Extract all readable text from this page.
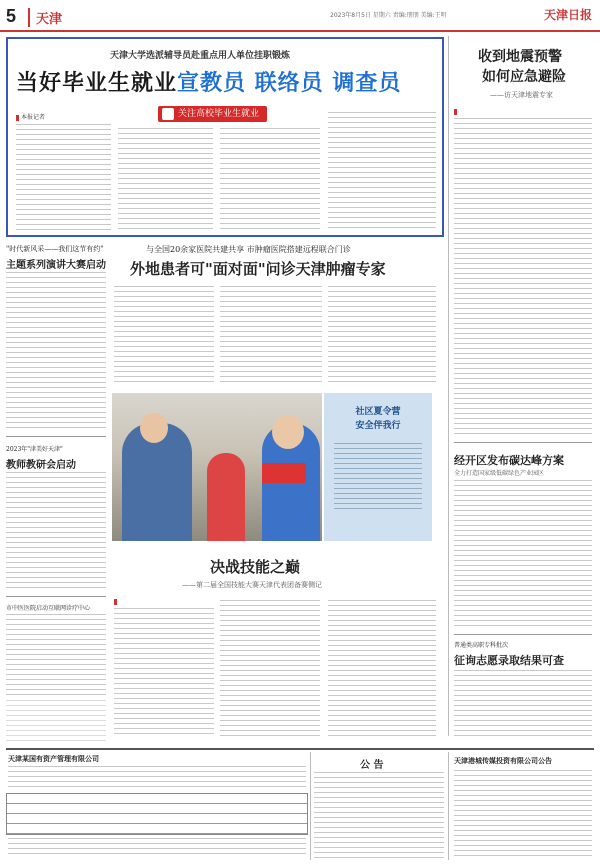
5	天津	2023年8月5日 星期六 责编:朋朋 美编:王明	天津日报
天津大学选派辅导员赴重点用人单位挂职锻炼
当好毕业生就业宣教员 联络员 调查员
关注高校毕业生就业
本报记者
收到地震预警
如何应急避险
——访天津地震专家
"时代新风采——我们这节有约"
主题系列演讲大赛启动
2023年"津美好天津"
教师教研会启动
市中医医院启动互联网诊疗中心
与全国20余家医院共建共享 市肿瘤医院搭建远程联合门诊
外地患者可"面对面"问诊天津肿瘤专家
社区夏令营
安全伴我行
经开区发布碳达峰方案
全力打造国家级低碳绿色产业园区
普通类高职专科批次
征询志愿录取结果可查
决战技能之巅
——第二届全国技能大赛天津代表团备赛侧记
天津某国有资产管理有限公司
公 告	天津港城传媒投资有限公司公告
